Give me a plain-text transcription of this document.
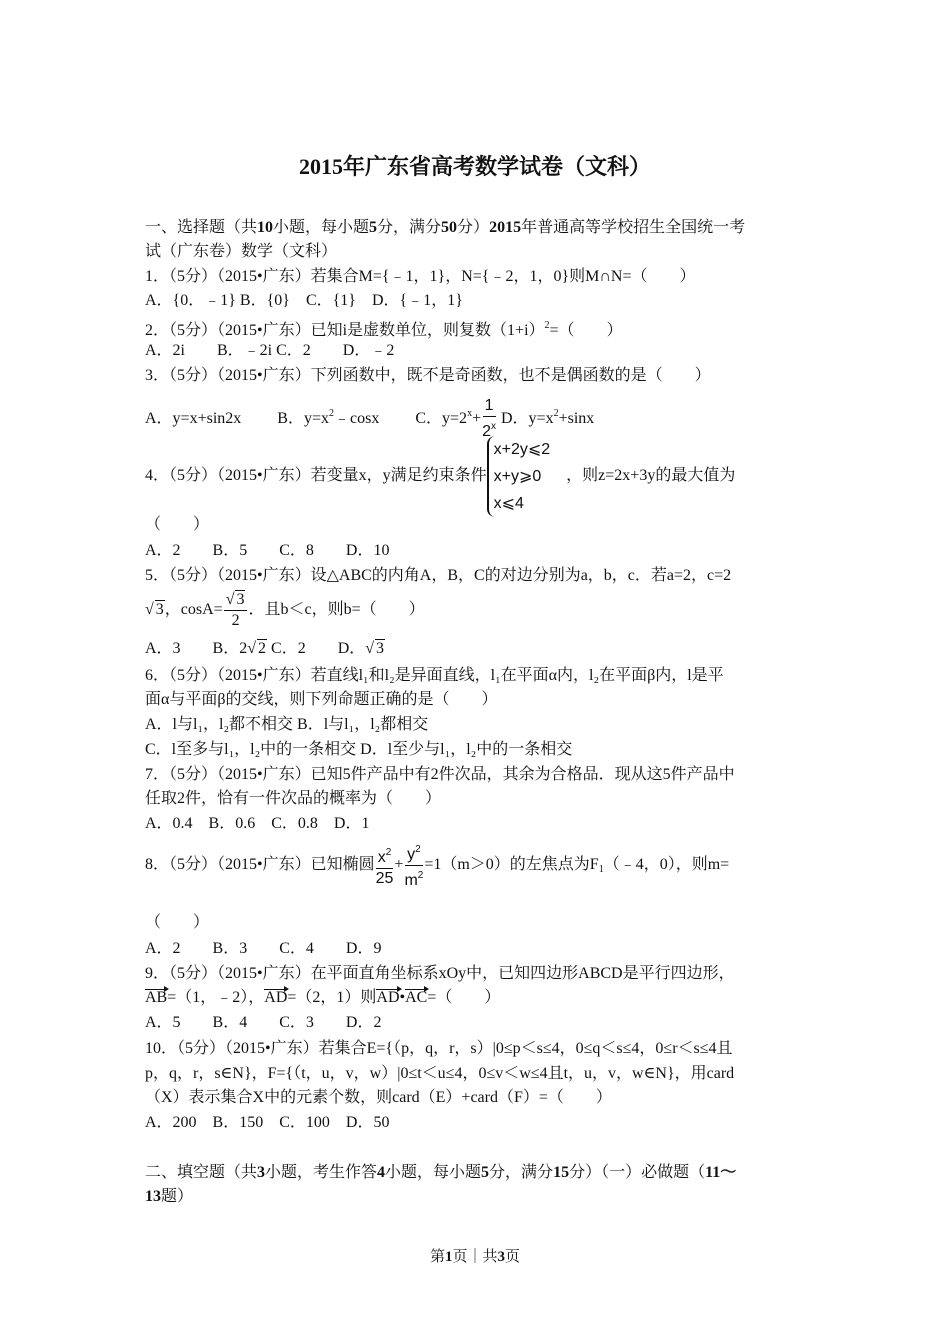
2015年广东省高考数学试卷（文科）
一、选择题（共10小题，每小题5分，满分50分）2015年普通高等学校招生全国统一考
试（广东卷）数学（文科）
1．（5分）（2015•广东）若集合M={﹣1，1}，N={﹣2，1，0}则M∩N=（　　）
A．{0．﹣1} B．{0}　C．{1}　D．{﹣1，1}
2．（5分）（2015•广东）已知i是虚数单位，则复数$(1+i)^2=$（　　）
A．2i　　B．﹣2i C．2　　D．﹣2
3．（5分）（2015•广东）下列函数中，既不是奇函数，也不是偶函数的是（　　）
A．y=x+sin2x　　 B．$y=x^2﹣\cos x$　　 C．$y=2^x+ \frac{1}{2^x}$ D．$y=x^2+\sin x$
4．（5分）（2015•广东）若变量x，y满足约束条件
x+2y⩽2
x+y⩾0
x⩽4
　，则z=2x+3y的最大值为
（　　）
A．2　　B．5　　C．8　　D．10
5．（5分）（2015•广东）设△ABC的内角A，B，C的对边分别为a，b，c．若a=2，c=2
√ 3，$\cos A= \frac{√ 3}{2}$ ．且b＜c，则b=（　　）
A．3　　B．2√ 2 C．2　　D．√ 3
6．（5分）（2015•广东）若直线l₁和l₂是异面直线，l₁在平面α内，l₂在平面β内，l是平
面α与平面β的交线，则下列命题正确的是（　　）
A．l与l₁，l₂都不相交 B．l与l₁，l₂都相交
C．l至多与l₁，l₂中的一条相交 D．l至少与l₁，l₂中的一条相交
7．（5分）（2015•广东）已知5件产品中有2件次品，其余为合格品．现从这5件产品中
任取2件，恰有一件次品的概率为（　　）
A．0.4　B．0.6　C．0.8　D．1
8．（5分）（2015•广东）已知椭圆 $\frac{x^2}{25} + \frac{y^2}{m^2} =1(m>0)$的左焦点为$F_1(﹣4$，0），则m=
（　　）
A．2　　B．3　　C．4　　D．9
9．（5分）（2015•广东）在平面直角坐标系xOy中，已知四边形ABCD是平行四边形，
AB=（1，﹣2），AD=（2，1）则AD•AC=（　　）
A．5　　B．4　　C．3　　D．2
10．（5分）（2015•广东）若集合E={（p，q，r，s）|0≤p＜s≤4，0≤q＜s≤4，0≤r＜s≤4且
p，q，r，s∈N}，F={（t，u，v，w）|0≤t＜u≤4，0≤v＜w≤4且t，u，v，w∈N}，用card
（X）表示集合X中的元素个数，则card（E）+card（F）=（　　）
A．200　B．150　C．100　D．50
二、填空题（共3小题，考生作答4小题，每小题5分，满分15分）（一）必做题（11～
13题）
第1页｜共3页
